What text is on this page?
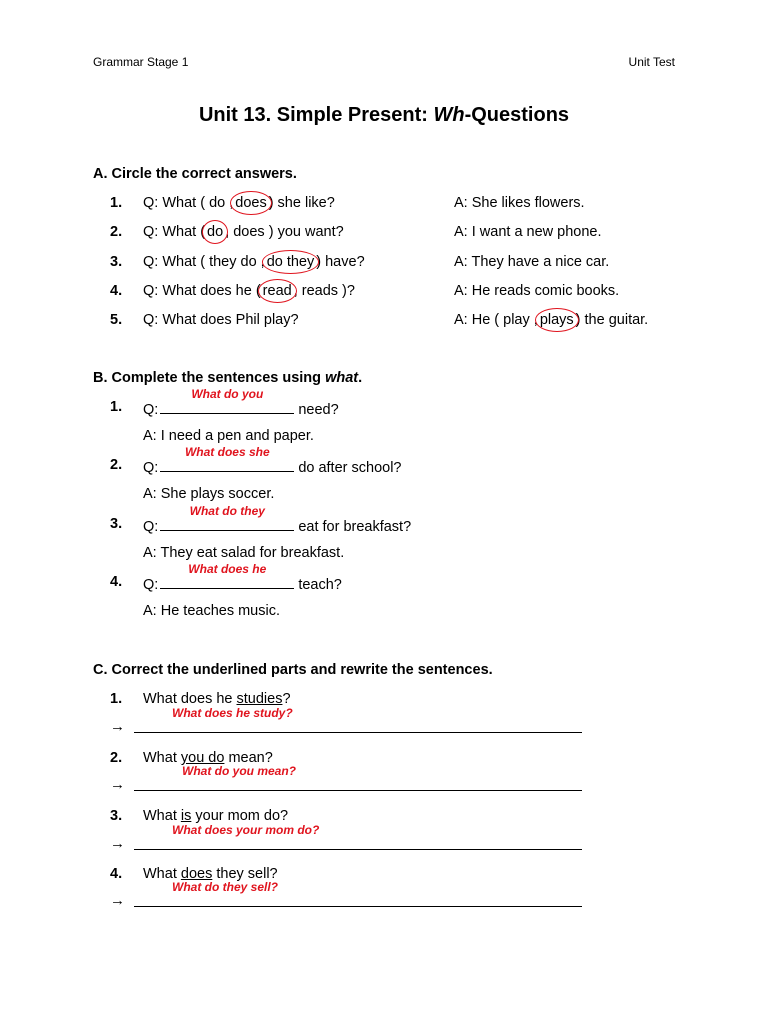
Grammar Stage 1	Unit Test
Unit 13. Simple Present: Wh-Questions
A. Circle the correct answers.
1. Q: What ( do , does ) she like?	A: She likes flowers.
2. Q: What ( do , does ) you want?	A: I want a new phone.
3. Q: What ( they do , do they ) have?	A: They have a nice car.
4. Q: What does he ( read , reads )?	A: He reads comic books.
5. Q: What does Phil play?	A: He ( play , plays ) the guitar.
B. Complete the sentences using what.
1. Q:
What do you
need?
A: I need a pen and paper.
2. Q:
What does she
do after school?
A: She plays soccer.
3. Q:
What do they
eat for breakfast?
A: They eat salad for breakfast.
4. Q:
What does he
teach?
A: He teaches music.
C. Correct the underlined parts and rewrite the sentences.
1. What does he studies?
→
What does he study?
2. What you do mean?
→
What do you mean?
3. What is your mom do?
→
What does your mom do?
4. What does they sell?
→
What do they sell?
